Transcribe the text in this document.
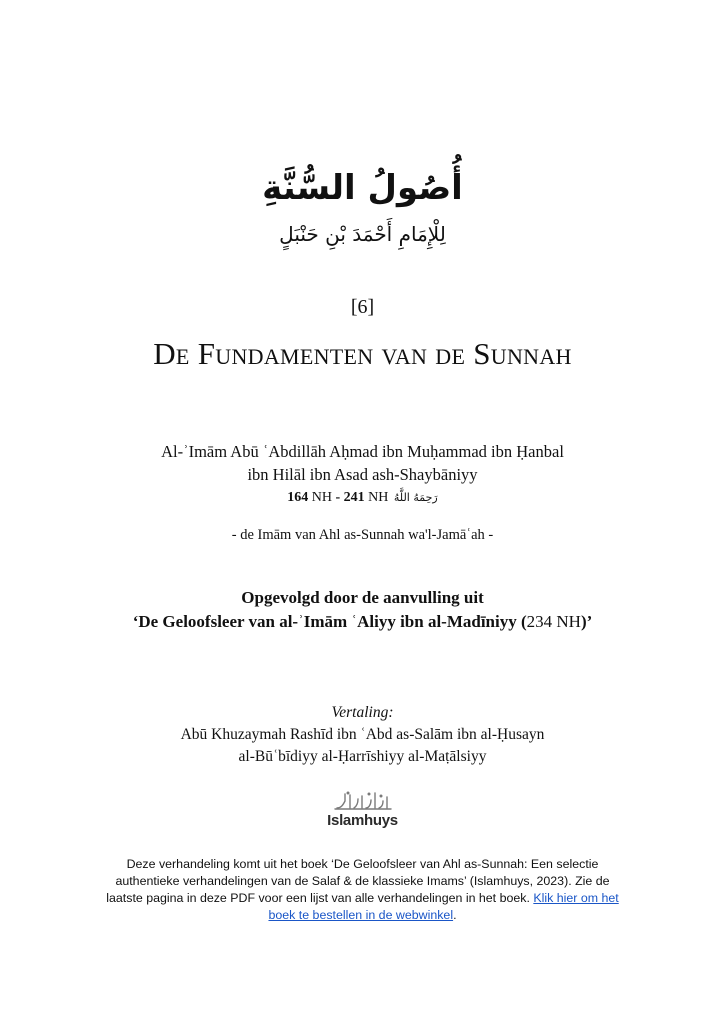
أُصُولُ السُّنَّةِ
لِلْإِمَامِ أَحْمَدَ بْنِ حَنْبَلٍ
[6]
De Fundamenten van de Sunnah
Al-ʾImām Abū ʿAbdillāh Aḥmad ibn Muḥammad ibn Ḥanbal
ibn Hilāl ibn Asad ash-Shaybāniyy
164 NH - 241 NH رَحِمَهُ اللَّهُ
- de Imām van Ahl as-Sunnah wa'l-Jamāʿah -
Opgevolgd door de aanvulling uit
‘De Geloofsleer van al-ʾImām ʿAliyy ibn al-Madīniyy (234 NH)’
Vertaling:
Abū Khuzaymah Rashīd ibn ʿAbd as-Salām ibn al-Ḥusayn
al-Būʿbīdiyy al-Ḥarrīshiyy al-Maṭālsiyy
Islamhuys
Deze verhandeling komt uit het boek ‘De Geloofsleer van Ahl as-Sunnah: Een selectie authentieke verhandelingen van de Salaf & de klassieke Imams’ (Islamhuys, 2023). Zie de laatste pagina in deze PDF voor een lijst van alle verhandelingen in het boek. Klik hier om het boek te bestellen in de webwinkel.
